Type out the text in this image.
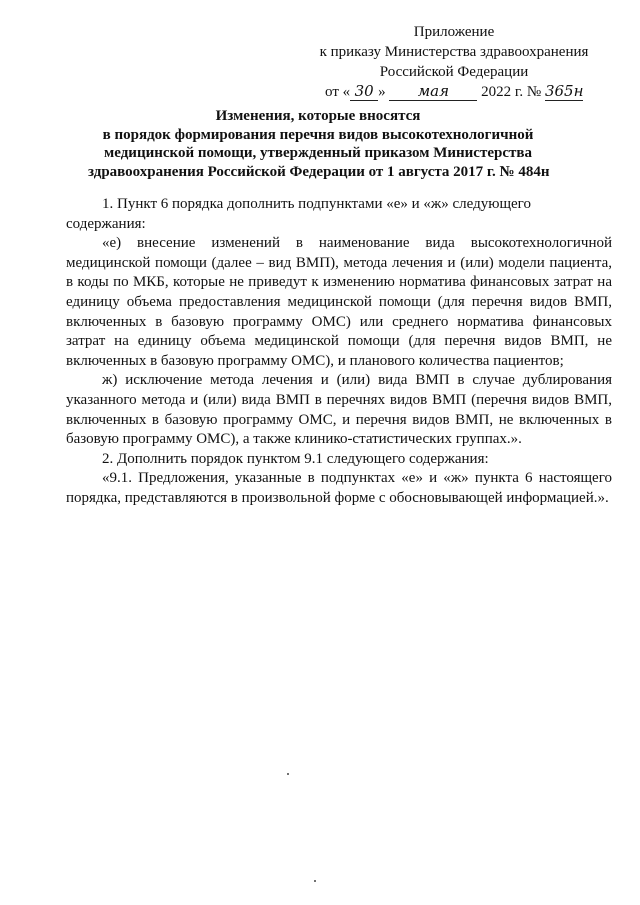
Приложение
к приказу Министерства здравоохранения
Российской Федерации
от « 30 » мая 2022 г. № 365н
Изменения, которые вносятся
в порядок формирования перечня видов высокотехнологичной
медицинской помощи, утвержденный приказом Министерства
здравоохранения Российской Федерации от 1 августа 2017 г. № 484н

1. Пункт 6 порядка дополнить подпунктами «е» и «ж» следующего содержания:

«е) внесение изменений в наименование вида высокотехнологичной медицинской помощи (далее – вид ВМП), метода лечения и (или) модели пациента, в коды по МКБ, которые не приведут к изменению норматива финансовых затрат на единицу объема предоставления медицинской помощи (для перечня видов ВМП, включенных в базовую программу ОМС) или среднего норматива финансовых затрат на единицу объема медицинской помощи (для перечня видов ВМП, не включенных в базовую программу ОМС), и планового количества пациентов;

ж) исключение метода лечения и (или) вида ВМП в случае дублирования указанного метода и (или) вида ВМП в перечнях видов ВМП (перечня видов ВМП, включенных в базовую программу ОМС, и перечня видов ВМП, не включенных в базовую программу ОМС), а также клинико-статистических группах.».

2. Дополнить порядок пунктом 9.1 следующего содержания:

«9.1. Предложения, указанные в подпунктах «е» и «ж» пункта 6 настоящего порядка, представляются в произвольной форме с обосновывающей информацией.».
